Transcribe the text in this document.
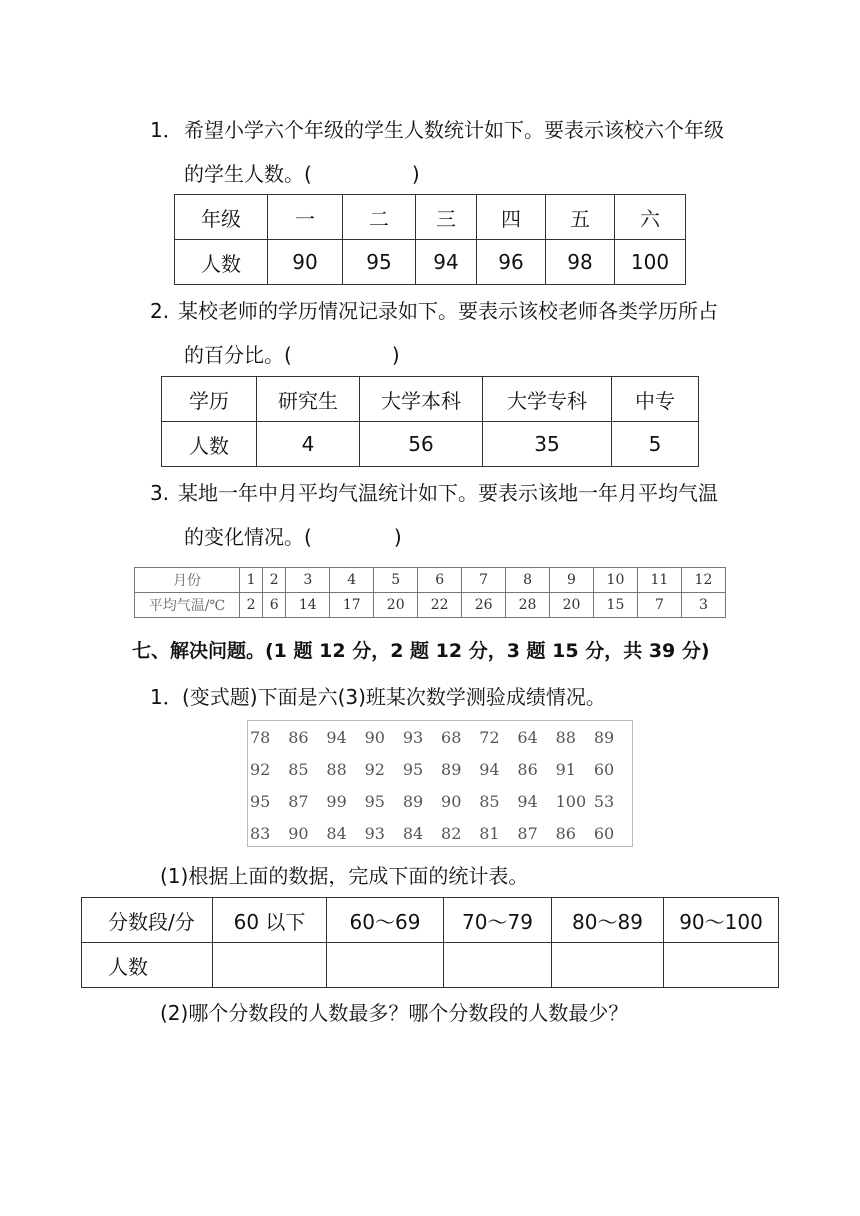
1． 希望小学六个年级的学生人数统计如下。要表示该校六个年级
的学生人数。(	)
年级	一	二	三	四	五	六
人数	90	95	94	96	98	100
2. 某校老师的学历情况记录如下。要表示该校老师各类学历所占
的百分比。(	)
学历	研究生	大学本科	大学专科	中专
人数	4	56	35	5
3. 某地一年中月平均气温统计如下。要表示该地一年月平均气温
的变化情况。(	)
月份	1	2	3	4	5	6	7	8	9	10	11	12
平均气温/℃	2	6	14	17	20	22	26	28	20	15	7	3
七、解决问题。(1 题 12 分，2 题 12 分，3 题 15 分，共 39 分)
1． (变式题)下面是六(3)班某次数学测验成绩情况。
78	86	94	90	93	68	72	64	88	89
92	85	88	92	95	89	94	86	91	60
95	87	99	95	89	90	85	94	100 53
83	90	84	93	84	82	81	87	86	60
(1)根据上面的数据，完成下面的统计表。
分数段/分	60 以下	60～69	70～79	80～89	90～100
人数					
(2)哪个分数段的人数最多？哪个分数段的人数最少？
